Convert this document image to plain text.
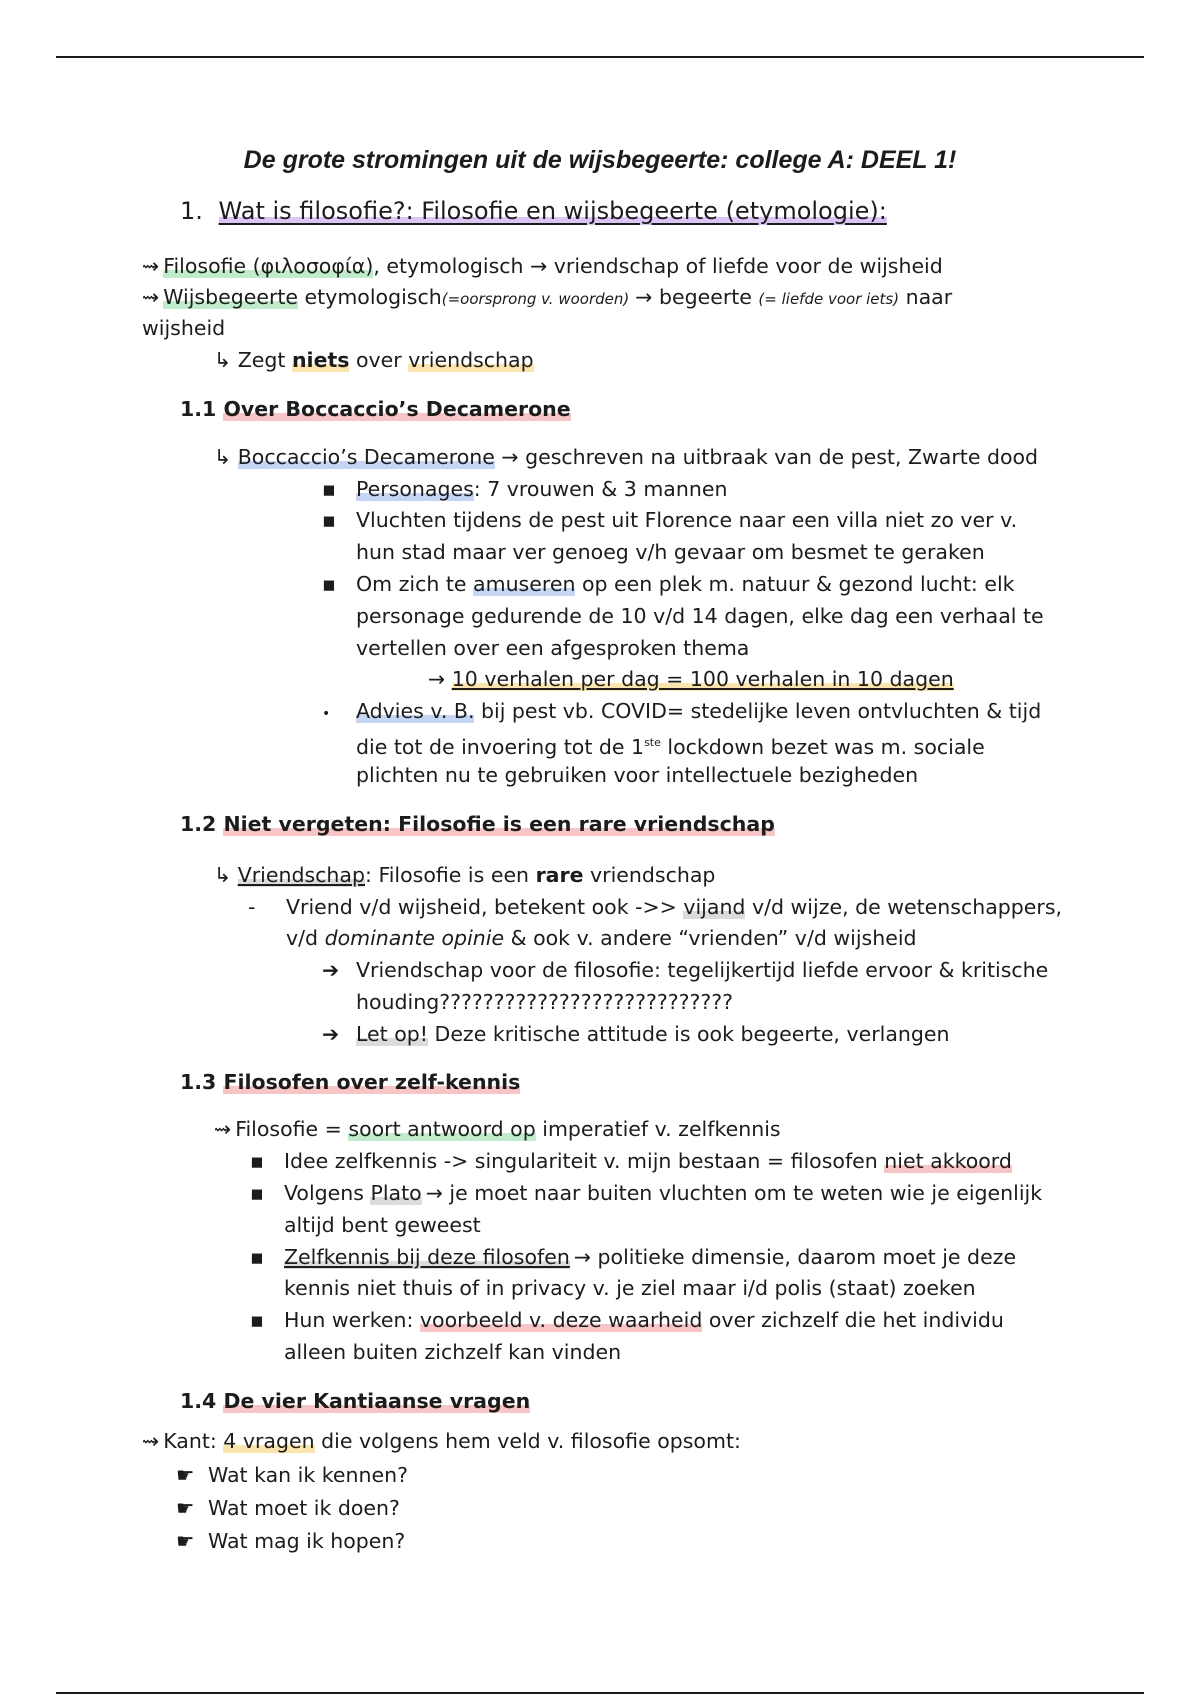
De grote stromingen uit de wijsbegeerte: college A: DEEL 1!
1. Wat is filosofie?: Filosofie en wijsbegeerte (etymologie):
⇝ Filosofie (φιλοσοφία), etymologisch → vriendschap of liefde voor de wijsheid
⇝ Wijsbegeerte etymologisch(=oorsprong v. woorden) → begeerte (= liefde voor iets) naar
wijsheid
↳ Zegt niets over vriendschap
1.1 Over Boccaccio’s Decamerone
↳ Boccaccio’s Decamerone → geschreven na uitbraak van de pest, Zwarte dood
▪ Personages: 7 vrouwen & 3 mannen
▪ Vluchten tijdens de pest uit Florence naar een villa niet zo ver v.
hun stad maar ver genoeg v/h gevaar om besmet te geraken
▪ Om zich te amuseren op een plek m. natuur & gezond lucht: elk
personage gedurende de 10 v/d 14 dagen, elke dag een verhaal te
vertellen over een afgesproken thema
→ 10 verhalen per dag = 100 verhalen in 10 dagen
• Advies v. B. bij pest vb. COVID= stedelijke leven ontvluchten & tijd
die tot de invoering tot de 1ste lockdown bezet was m. sociale
plichten nu te gebruiken voor intellectuele bezigheden
1.2 Niet vergeten: Filosofie is een rare vriendschap
↳ Vriendschap: Filosofie is een rare vriendschap
- Vriend v/d wijsheid, betekent ook ->> vijand v/d wijze, de wetenschappers,
v/d dominante opinie & ook v. andere “vrienden” v/d wijsheid
➔ Vriendschap voor de filosofie: tegelijkertijd liefde ervoor & kritische
houding???????????????????????????
➔ Let op! Deze kritische attitude is ook begeerte, verlangen
1.3 Filosofen over zelf-kennis
⇝ Filosofie = soort antwoord op imperatief v. zelfkennis
▪ Idee zelfkennis -> singulariteit v. mijn bestaan = filosofen niet akkoord
▪ Volgens Plato → je moet naar buiten vluchten om te weten wie je eigenlijk
altijd bent geweest
▪ Zelfkennis bij deze filosofen → politieke dimensie, daarom moet je deze
kennis niet thuis of in privacy v. je ziel maar i/d polis (staat) zoeken
▪ Hun werken: voorbeeld v. deze waarheid over zichzelf die het individu
alleen buiten zichzelf kan vinden
1.4 De vier Kantiaanse vragen
⇝ Kant: 4 vragen die volgens hem veld v. filosofie opsomt:
☛ Wat kan ik kennen?
☛ Wat moet ik doen?
☛ Wat mag ik hopen?
